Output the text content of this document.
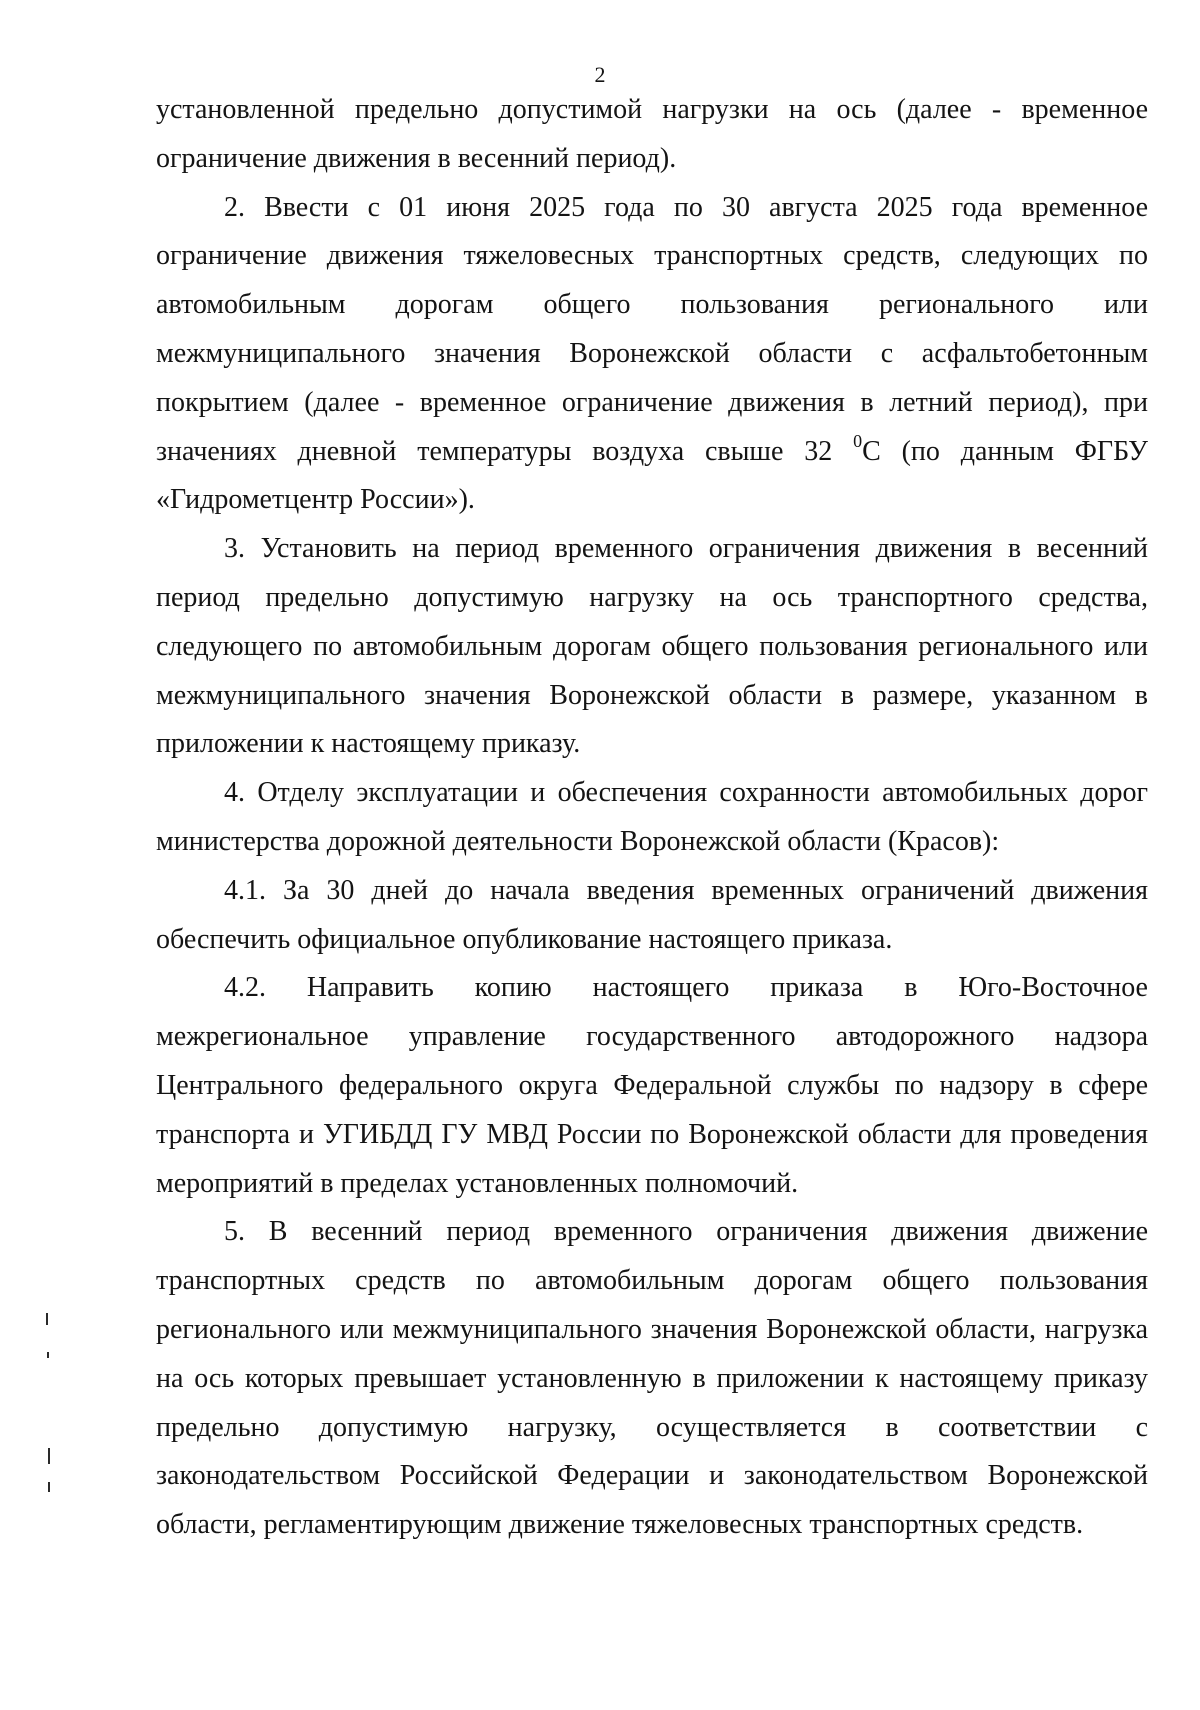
2

установленной предельно допустимой нагрузки на ось (далее - временное ограничение движения в весенний период).

2. Ввести с 01 июня 2025 года по 30 августа 2025 года временное ограничение движения тяжеловесных транспортных средств, следующих по автомобильным дорогам общего пользования регионального или межмуниципального значения Воронежской области с асфальтобетонным покрытием (далее - временное ограничение движения в летний период), при значениях дневной температуры воздуха свыше 32 $^0$С (по данным ФГБУ «Гидрометцентр России»).

3. Установить на период временного ограничения движения в весенний период предельно допустимую нагрузку на ось транспортного средства, следующего по автомобильным дорогам общего пользования регионального или межмуниципального значения Воронежской области в размере, указанном в приложении к настоящему приказу.

4. Отделу эксплуатации и обеспечения сохранности автомобильных дорог министерства дорожной деятельности Воронежской области (Красов):

4.1. За 30 дней до начала введения временных ограничений движения обеспечить официальное опубликование настоящего приказа.

4.2. Направить копию настоящего приказа в Юго-Восточное межрегиональное управление государственного автодорожного надзора Центрального федерального округа Федеральной службы по надзору в сфере транспорта и УГИБДД ГУ МВД России по Воронежской области для проведения мероприятий в пределах установленных полномочий.

5. В весенний период временного ограничения движения движение транспортных средств по автомобильным дорогам общего пользования регионального или межмуниципального значения Воронежской области, нагрузка на ось которых превышает установленную в приложении к настоящему приказу предельно допустимую нагрузку, осуществляется в соответствии с законодательством Российской Федерации и законодательством Воронежской области, регламентирующим движение тяжеловесных транспортных средств.
